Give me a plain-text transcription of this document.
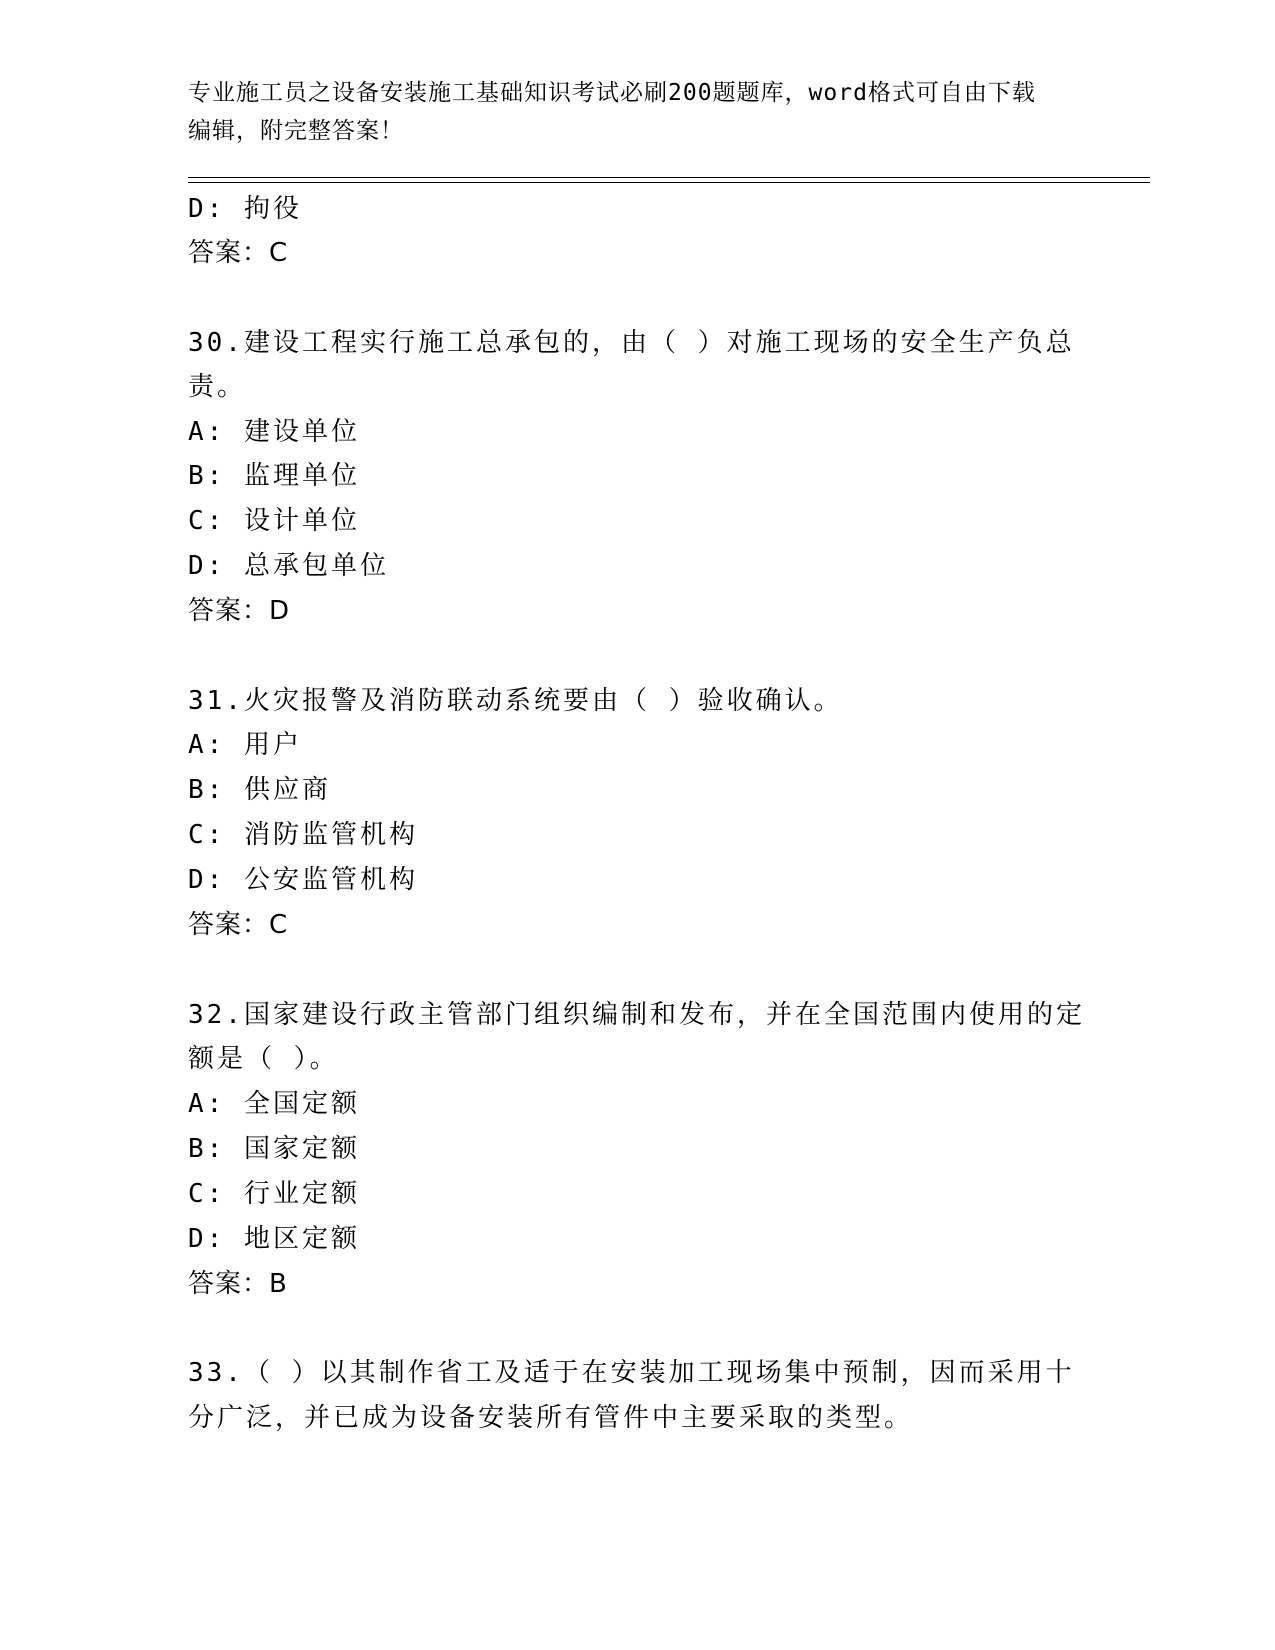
专业施工员之设备安装施工基础知识考试必刷200题题库，word格式可自由下载
编辑，附完整答案！
D: 拘役
答案：C
30.建设工程实行施工总承包的，由（ ）对施工现场的安全生产负总
责。
A: 建设单位
B: 监理单位
C: 设计单位
D: 总承包单位
答案：D
31.火灾报警及消防联动系统要由（ ）验收确认。
A: 用户
B: 供应商
C: 消防监管机构
D: 公安监管机构
答案：C
32.国家建设行政主管部门组织编制和发布，并在全国范围内使用的定
额是（ ）。
A: 全国定额
B: 国家定额
C: 行业定额
D: 地区定额
答案：B
33.（ ）以其制作省工及适于在安装加工现场集中预制，因而采用十
分广泛，并已成为设备安装所有管件中主要采取的类型。
